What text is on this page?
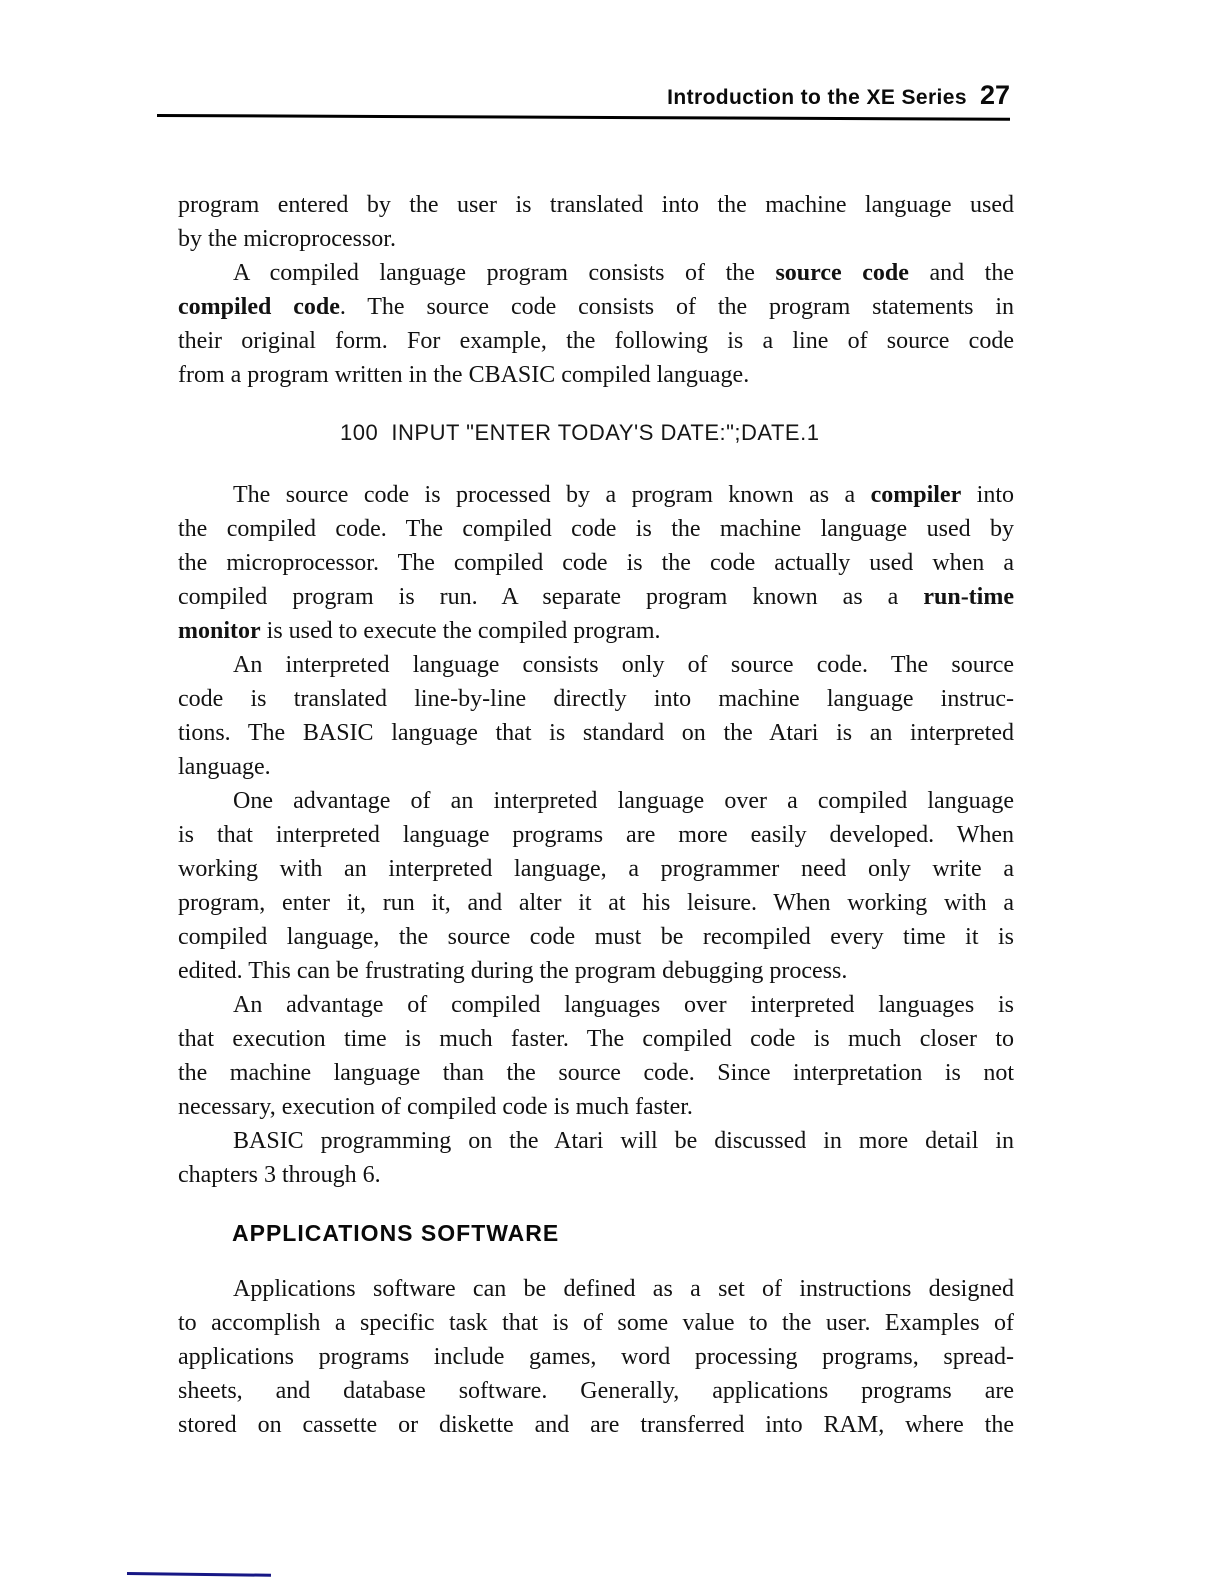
Introduction to the XE Series 27
program entered by the user is translated into the machine language used
by the microprocessor.
A compiled language program consists of the source code and the
compiled code. The source code consists of the program statements in
their original form. For example, the following is a line of source code
from a program written in the CBASIC compiled language.
100  INPUT "ENTER TODAY'S DATE:";DATE.1
The source code is processed by a program known as a compiler into
the compiled code. The compiled code is the machine language used by
the microprocessor. The compiled code is the code actually used when a
compiled program is run. A separate program known as a run-time
monitor is used to execute the compiled program.
An interpreted language consists only of source code. The source
code is translated line-by-line directly into machine language instruc-
tions. The BASIC language that is standard on the Atari is an interpreted
language.
One advantage of an interpreted language over a compiled language
is that interpreted language programs are more easily developed. When
working with an interpreted language, a programmer need only write a
program, enter it, run it, and alter it at his leisure. When working with a
compiled language, the source code must be recompiled every time it is
edited. This can be frustrating during the program debugging process.
An advantage of compiled languages over interpreted languages is
that execution time is much faster. The compiled code is much closer to
the machine language than the source code. Since interpretation is not
necessary, execution of compiled code is much faster.
BASIC programming on the Atari will be discussed in more detail in
chapters 3 through 6.
APPLICATIONS SOFTWARE
Applications software can be defined as a set of instructions designed
to accomplish a specific task that is of some value to the user. Examples of
applications programs include games, word processing programs, spread-
sheets, and database software. Generally, applications programs are
stored on cassette or diskette and are transferred into RAM, where the
